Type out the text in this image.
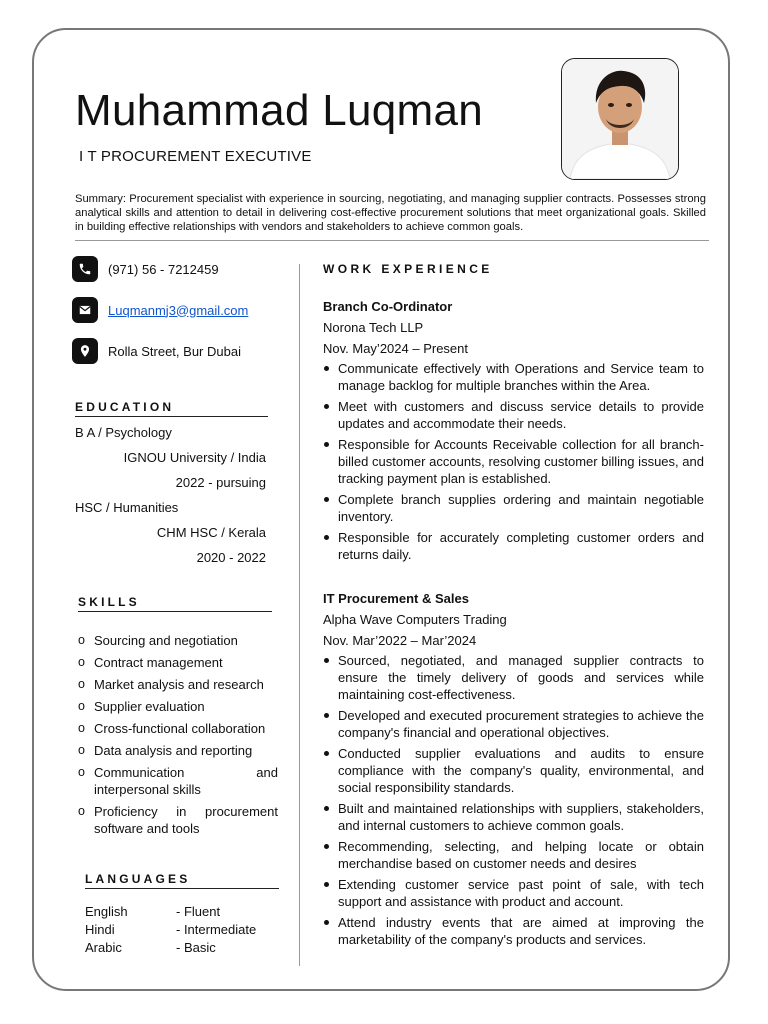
Muhammad Luqman
I T PROCUREMENT EXECUTIVE
Summary: Procurement specialist with experience in sourcing, negotiating, and managing supplier contracts. Possesses strong analytical skills and attention to detail in delivering cost-effective procurement solutions that meet organizational goals. Skilled in building effective relationships with vendors and stakeholders to achieve common goals.
(971) 56 - 7212459
Luqmanmj3@gmail.com
Rolla Street, Bur Dubai
EDUCATION
B A / Psychology
IGNOU University / India
2022 - pursuing
HSC / Humanities
CHM HSC / Kerala
2020 - 2022
SKILLS
o Sourcing and negotiation
o Contract management
o Market analysis and research
o Supplier evaluation
o Cross-functional collaboration
o Data analysis and reporting
o Communication and interpersonal skills
o Proficiency in procurement software and tools
LANGUAGES
English	- Fluent
Hindi	- Intermediate
Arabic	- Basic
WORK EXPERIENCE
Branch Co-Ordinator
Norona Tech LLP
Nov. May’2024 – Present
Communicate effectively with Operations and Service team to manage backlog for multiple branches within the Area.
Meet with customers and discuss service details to provide updates and accommodate their needs.
Responsible for Accounts Receivable collection for all branch-billed customer accounts, resolving customer billing issues, and tracking payment plan is established.
Complete branch supplies ordering and maintain negotiable inventory.
Responsible for accurately completing customer orders and returns daily.
IT Procurement & Sales
Alpha Wave Computers Trading
Nov. Mar’2022 – Mar’2024
Sourced, negotiated, and managed supplier contracts to ensure the timely delivery of goods and services while maintaining cost-effectiveness.
Developed and executed procurement strategies to achieve the company's financial and operational objectives.
Conducted supplier evaluations and audits to ensure compliance with the company's quality, environmental, and social responsibility standards.
Built and maintained relationships with suppliers, stakeholders, and internal customers to achieve common goals.
Recommending, selecting, and helping locate or obtain merchandise based on customer needs and desires
Extending customer service past point of sale, with tech support and assistance with product and account.
Attend industry events that are aimed at improving the marketability of the company's products and services.
